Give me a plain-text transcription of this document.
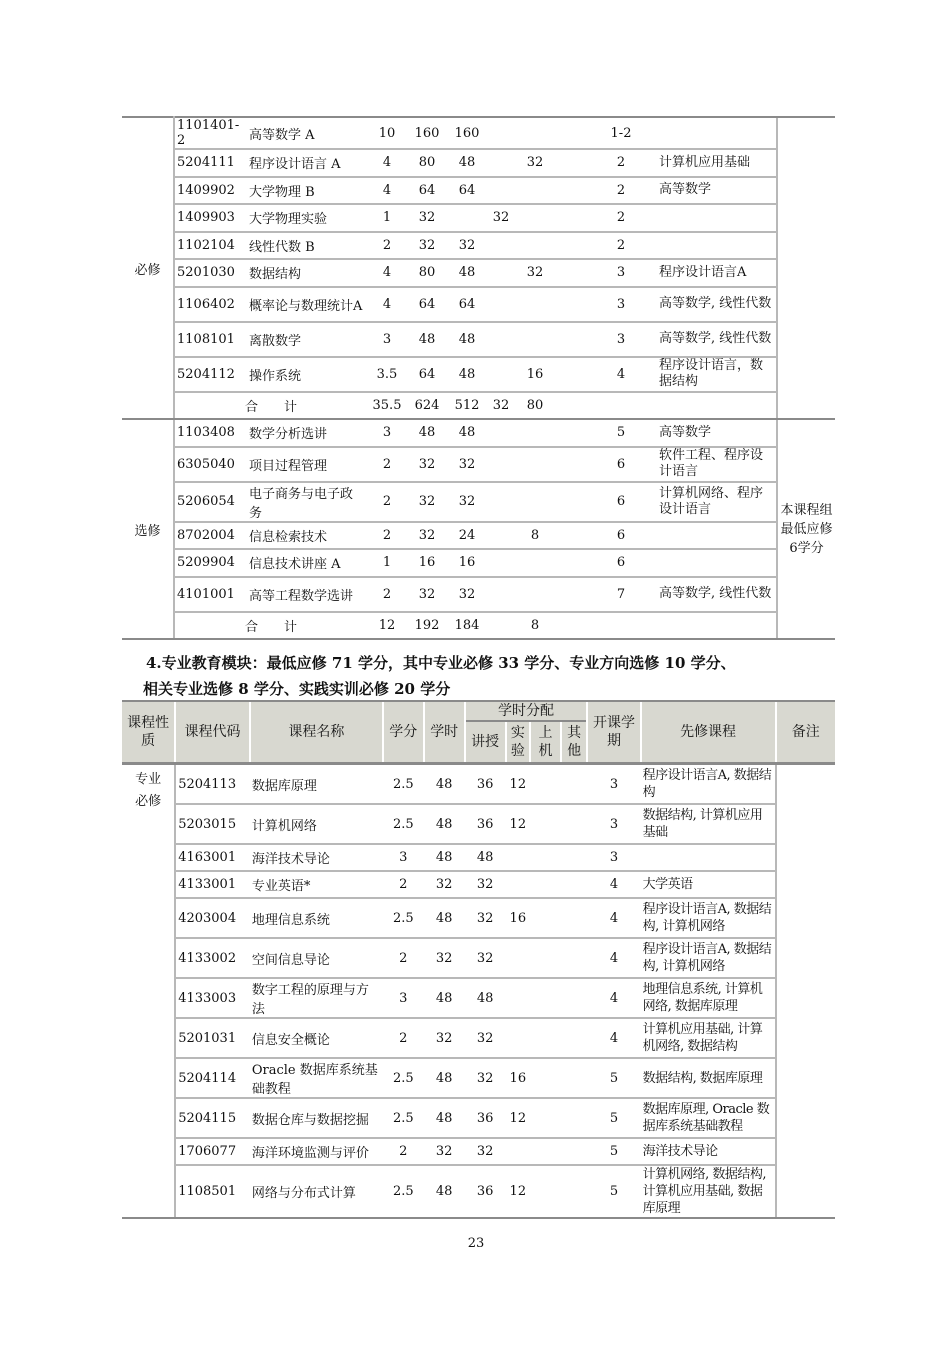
必修	1101401-2	高等数学 A	10	160	160				1-2		
	5204111	程序设计语言 A	4	80	48		32		2	计算机应用基础	
	1409902	大学物理 B	4	64	64				2	高等数学	
	1409903	大学物理实验	1	32		32			2		
	1102104	线性代数 B	2	32	32				2		
	5201030	数据结构	4	80	48		32		3	程序设计语言A	
	1106402	概率论与数理统计A	4	64	64				3	高等数学, 线性代数	
	1108101	离散数学	3	48	48				3	高等数学, 线性代数	
	5204112	操作系统	3.5	64	48		16		4	程序设计语言，数据结构	
	合　　计		35.5	624	512	32	80				
选修	1103408	数学分析选讲	3	48	48				5	高等数学	本课程组最低应修6学分
	6305040	项目过程管理	2	32	32				6	软件工程、程序设计语言	
	5206054	电子商务与电子政务	2	32	32				6	计算机网络、程序设计语言	
	8702004	信息检索技术	2	32	24		8		6		
	5209904	信息技术讲座 A	1	16	16				6		
	4101001	高等工程数学选讲	2	32	32				7	高等数学, 线性代数	
	合　　计		12	192	184		8				
4.专业教育模块：最低应修 71 学分，其中专业必修 33 学分、专业方向选修 10 学分、
相关专业选修 8 学分、实践实训必修 20 学分
课程性质	课程代码	课程名称	学分	学时	学时分配				开课学期	先修课程	备注
					讲授	实验	上机	其他			
专业必修	5204113	数据库原理	2.5	48	36	12			3	程序设计语言A, 数据结构	
	5203015	计算机网络	2.5	48	36	12			3	数据结构, 计算机应用基础	
	4163001	海洋技术导论	3	48	48				3		
	4133001	专业英语*	2	32	32				4	大学英语	
	4203004	地理信息系统	2.5	48	32	16			4	程序设计语言A, 数据结构, 计算机网络	
	4133002	空间信息导论	2	32	32				4	程序设计语言A, 数据结构, 计算机网络	
	4133003	数字工程的原理与方法	3	48	48				4	地理信息系统, 计算机网络, 数据库原理	
	5201031	信息安全概论	2	32	32				4	计算机应用基础, 计算机网络, 数据结构	
	5204114	Oracle 数据库系统基础教程	2.5	48	32	16			5	数据结构, 数据库原理	
	5204115	数据仓库与数据挖掘	2.5	48	36	12			5	数据库原理, Oracle 数据库系统基础教程	
	1706077	海洋环境监测与评价	2	32	32				5	海洋技术导论	
	1108501	网络与分布式计算	2.5	48	36	12			5	计算机网络, 数据结构, 计算机应用基础, 数据库原理	
23
